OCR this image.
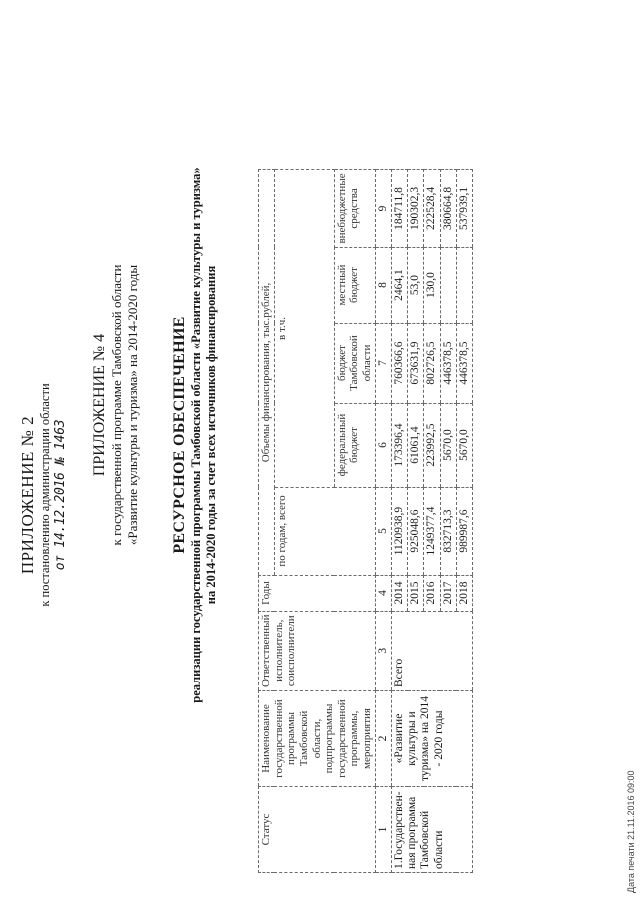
ПРИЛОЖЕНИЕ № 2 к постановлению администрации области от 14.12.2016 № 1463
ПРИЛОЖЕНИЕ № 4 к государственной программе Тамбовской области «Развитие культуры и туризма» на 2014-2020 годы РЕСУРСНОЕ ОБЕСПЕЧЕНИЕ реализации государственной программы Тамбовской области «Развитие культуры и туризма» на 2014-2020 годы за счет всех источников финансирования
Статус	Наименование государственной программы Тамбовской области, подпрограммы государственной программы, мероприятия	Ответственный исполнитель, соисполнители	Годы	Объемы финансирования, тыс.рублей,				
				по годам, всего	в т.ч.			
					федеральный бюджет	бюджет Тамбовской области	местный бюджет	внебюджетные средства
1	2	3	4	5	6	7	8	9
1.Государствен-ная программа Тамбовской области	«Развитие культуры и туризма» на 2014 - 2020 годы	Всего	2014	1120938,9	173396,4	760366,6	2464,1	184711,8
			2015	925048,6	61061,4	673631,9	53,0	190302,3
			2016	1249377,4	223992,5	802726,5	130,0	222528,4
			2017	832713,3	5670,0	446378,5		380664,8
			2018	989987,6	5670,0	446378,5		537939,1
Дата печати 21.11.2016 09:00
